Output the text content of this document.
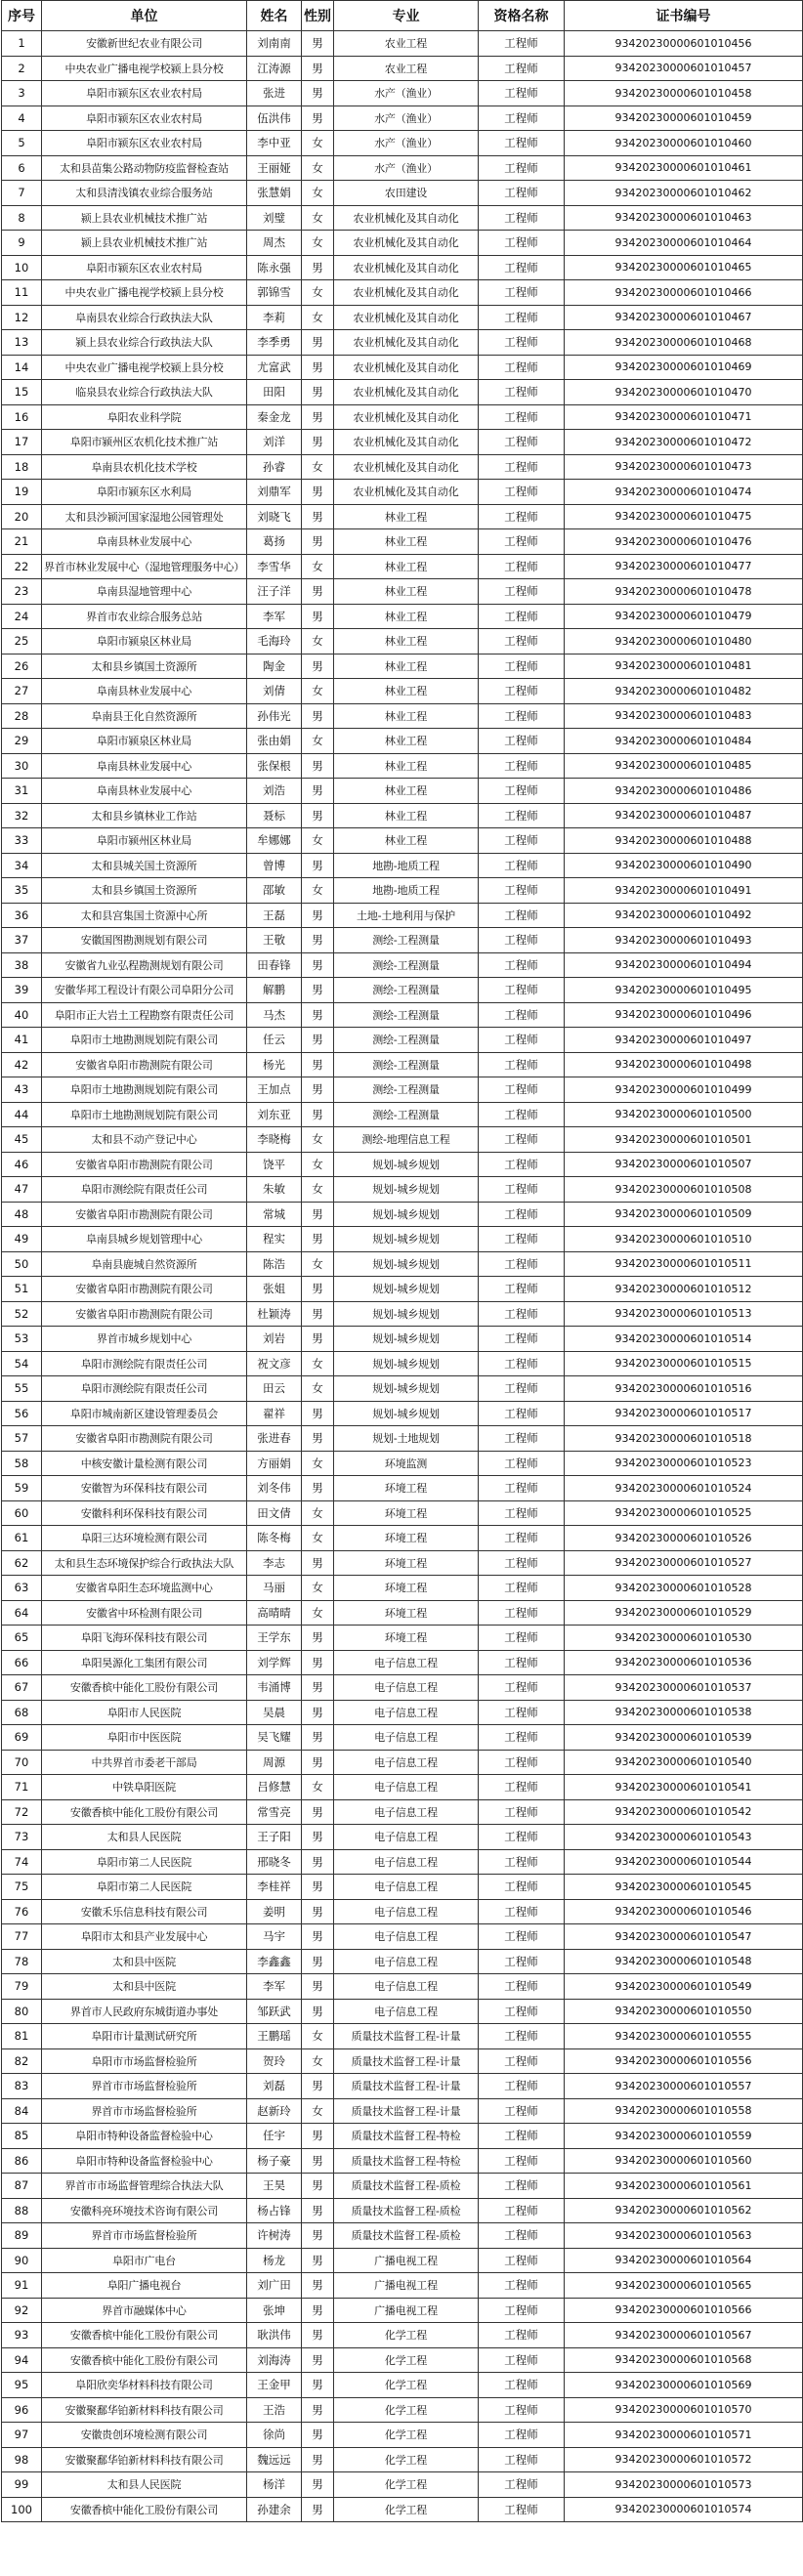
序号	单位	姓名	性别	专业	资格名称	证书编号
1	安徽新世纪农业有限公司	刘南南	男	农业工程	工程师	93420230000601010456
2	中央农业广播电视学校颍上县分校	江涛源	男	农业工程	工程师	93420230000601010457
3	阜阳市颍东区农业农村局	张进	男	水产（渔业）	工程师	93420230000601010458
4	阜阳市颍东区农业农村局	伍洪伟	男	水产（渔业）	工程师	93420230000601010459
5	阜阳市颍东区农业农村局	李中亚	女	水产（渔业）	工程师	93420230000601010460
6	太和县苗集公路动物防疫监督检查站	王丽娅	女	水产（渔业）	工程师	93420230000601010461
7	太和县清浅镇农业综合服务站	张慧娟	女	农田建设	工程师	93420230000601010462
8	颍上县农业机械技术推广站	刘璧	女	农业机械化及其自动化	工程师	93420230000601010463
9	颍上县农业机械技术推广站	周杰	女	农业机械化及其自动化	工程师	93420230000601010464
10	阜阳市颍东区农业农村局	陈永强	男	农业机械化及其自动化	工程师	93420230000601010465
11	中央农业广播电视学校颍上县分校	郭锦雪	女	农业机械化及其自动化	工程师	93420230000601010466
12	阜南县农业综合行政执法大队	李莉	女	农业机械化及其自动化	工程师	93420230000601010467
13	颍上县农业综合行政执法大队	李季勇	男	农业机械化及其自动化	工程师	93420230000601010468
14	中央农业广播电视学校颍上县分校	尤富武	男	农业机械化及其自动化	工程师	93420230000601010469
15	临泉县农业综合行政执法大队	田阳	男	农业机械化及其自动化	工程师	93420230000601010470
16	阜阳农业科学院	秦金龙	男	农业机械化及其自动化	工程师	93420230000601010471
17	阜阳市颍州区农机化技术推广站	刘洋	男	农业机械化及其自动化	工程师	93420230000601010472
18	阜南县农机化技术学校	孙睿	女	农业机械化及其自动化	工程师	93420230000601010473
19	阜阳市颍东区水利局	刘鼎军	男	农业机械化及其自动化	工程师	93420230000601010474
20	太和县沙颍河国家湿地公园管理处	刘晓飞	男	林业工程	工程师	93420230000601010475
21	阜南县林业发展中心	葛扬	男	林业工程	工程师	93420230000601010476
22	界首市林业发展中心（湿地管理服务中心）	李雪华	女	林业工程	工程师	93420230000601010477
23	阜南县湿地管理中心	汪子洋	男	林业工程	工程师	93420230000601010478
24	界首市农业综合服务总站	李军	男	林业工程	工程师	93420230000601010479
25	阜阳市颍泉区林业局	毛海玲	女	林业工程	工程师	93420230000601010480
26	太和县乡镇国土资源所	陶金	男	林业工程	工程师	93420230000601010481
27	阜南县林业发展中心	刘倩	女	林业工程	工程师	93420230000601010482
28	阜南县王化自然资源所	孙伟光	男	林业工程	工程师	93420230000601010483
29	阜阳市颍泉区林业局	张由娟	女	林业工程	工程师	93420230000601010484
30	阜南县林业发展中心	张保根	男	林业工程	工程师	93420230000601010485
31	阜南县林业发展中心	刘浩	男	林业工程	工程师	93420230000601010486
32	太和县乡镇林业工作站	聂标	男	林业工程	工程师	93420230000601010487
33	阜阳市颍州区林业局	牟娜娜	女	林业工程	工程师	93420230000601010488
34	太和县城关国土资源所	曾博	男	地勘-地质工程	工程师	93420230000601010490
35	太和县乡镇国土资源所	邵敏	女	地勘-地质工程	工程师	93420230000601010491
36	太和县宫集国土资源中心所	王磊	男	土地-土地利用与保护	工程师	93420230000601010492
37	安徽国图勘测规划有限公司	王敬	男	测绘-工程测量	工程师	93420230000601010493
38	安徽省九业弘程勘测规划有限公司	田春锋	男	测绘-工程测量	工程师	93420230000601010494
39	安徽华邦工程设计有限公司阜阳分公司	解鹏	男	测绘-工程测量	工程师	93420230000601010495
40	阜阳市正大岩土工程勘察有限责任公司	马杰	男	测绘-工程测量	工程师	93420230000601010496
41	阜阳市土地勘测规划院有限公司	任云	男	测绘-工程测量	工程师	93420230000601010497
42	安徽省阜阳市勘测院有限公司	杨光	男	测绘-工程测量	工程师	93420230000601010498
43	阜阳市土地勘测规划院有限公司	王加点	男	测绘-工程测量	工程师	93420230000601010499
44	阜阳市土地勘测规划院有限公司	刘东亚	男	测绘-工程测量	工程师	93420230000601010500
45	太和县不动产登记中心	李晓梅	女	测绘-地理信息工程	工程师	93420230000601010501
46	安徽省阜阳市勘测院有限公司	饶平	女	规划-城乡规划	工程师	93420230000601010507
47	阜阳市测绘院有限责任公司	朱敏	女	规划-城乡规划	工程师	93420230000601010508
48	安徽省阜阳市勘测院有限公司	常城	男	规划-城乡规划	工程师	93420230000601010509
49	阜南县城乡规划管理中心	程实	男	规划-城乡规划	工程师	93420230000601010510
50	阜南县鹿城自然资源所	陈浩	女	规划-城乡规划	工程师	93420230000601010511
51	安徽省阜阳市勘测院有限公司	张姐	男	规划-城乡规划	工程师	93420230000601010512
52	安徽省阜阳市勘测院有限公司	杜颖涛	男	规划-城乡规划	工程师	93420230000601010513
53	界首市城乡规划中心	刘岩	男	规划-城乡规划	工程师	93420230000601010514
54	阜阳市测绘院有限责任公司	祝文彦	女	规划-城乡规划	工程师	93420230000601010515
55	阜阳市测绘院有限责任公司	田云	女	规划-城乡规划	工程师	93420230000601010516
56	阜阳市城南新区建设管理委员会	翟祥	男	规划-城乡规划	工程师	93420230000601010517
57	安徽省阜阳市勘测院有限公司	张进春	男	规划-土地规划	工程师	93420230000601010518
58	中核安徽计量检测有限公司	方丽娟	女	环境监测	工程师	93420230000601010523
59	安徽智为环保科技有限公司	刘冬伟	男	环境工程	工程师	93420230000601010524
60	安徽科利环保科技有限公司	田文倩	女	环境工程	工程师	93420230000601010525
61	阜阳三达环境检测有限公司	陈冬梅	女	环境工程	工程师	93420230000601010526
62	太和县生态环境保护综合行政执法大队	李志	男	环境工程	工程师	93420230000601010527
63	安徽省阜阳生态环境监测中心	马丽	女	环境工程	工程师	93420230000601010528
64	安徽省中环检测有限公司	高晴晴	女	环境工程	工程师	93420230000601010529
65	阜阳飞海环保科技有限公司	王学东	男	环境工程	工程师	93420230000601010530
66	阜阳昊源化工集团有限公司	刘学辉	男	电子信息工程	工程师	93420230000601010536
67	安徽香槟中能化工股份有限公司	韦涌博	男	电子信息工程	工程师	93420230000601010537
68	阜阳市人民医院	吴晨	男	电子信息工程	工程师	93420230000601010538
69	阜阳市中医医院	吴飞耀	男	电子信息工程	工程师	93420230000601010539
70	中共界首市委老干部局	周源	男	电子信息工程	工程师	93420230000601010540
71	中铁阜阳医院	吕修慧	女	电子信息工程	工程师	93420230000601010541
72	安徽香槟中能化工股份有限公司	常雪亮	男	电子信息工程	工程师	93420230000601010542
73	太和县人民医院	王子阳	男	电子信息工程	工程师	93420230000601010543
74	阜阳市第二人民医院	邢晓冬	男	电子信息工程	工程师	93420230000601010544
75	阜阳市第二人民医院	李桂祥	男	电子信息工程	工程师	93420230000601010545
76	安徽禾乐信息科技有限公司	姜明	男	电子信息工程	工程师	93420230000601010546
77	阜阳市太和县产业发展中心	马宇	男	电子信息工程	工程师	93420230000601010547
78	太和县中医院	李鑫鑫	男	电子信息工程	工程师	93420230000601010548
79	太和县中医院	李军	男	电子信息工程	工程师	93420230000601010549
80	界首市人民政府东城街道办事处	邹跃武	男	电子信息工程	工程师	93420230000601010550
81	阜阳市计量测试研究所	王鹏瑶	女	质量技术监督工程-计量	工程师	93420230000601010555
82	阜阳市市场监督检验所	贺玲	女	质量技术监督工程-计量	工程师	93420230000601010556
83	界首市市场监督检验所	刘磊	男	质量技术监督工程-计量	工程师	93420230000601010557
84	界首市市场监督检验所	赵新玲	女	质量技术监督工程-计量	工程师	93420230000601010558
85	阜阳市特种设备监督检验中心	任宇	男	质量技术监督工程-特检	工程师	93420230000601010559
86	阜阳市特种设备监督检验中心	杨子豪	男	质量技术监督工程-特检	工程师	93420230000601010560
87	界首市市场监督管理综合执法大队	王昊	男	质量技术监督工程-质检	工程师	93420230000601010561
88	安徽科亮环境技术咨询有限公司	杨占锋	男	质量技术监督工程-质检	工程师	93420230000601010562
89	界首市市场监督检验所	许树涛	男	质量技术监督工程-质检	工程师	93420230000601010563
90	阜阳市广电台	杨龙	男	广播电视工程	工程师	93420230000601010564
91	阜阳广播电视台	刘广田	男	广播电视工程	工程师	93420230000601010565
92	界首市融媒体中心	张坤	男	广播电视工程	工程师	93420230000601010566
93	安徽香槟中能化工股份有限公司	耿洪伟	男	化学工程	工程师	93420230000601010567
94	安徽香槟中能化工股份有限公司	刘海涛	男	化学工程	工程师	93420230000601010568
95	阜阳欣奕华材料科技有限公司	王金甲	男	化学工程	工程师	93420230000601010569
96	安徽聚鄱华铂新材料科技有限公司	王浩	男	化学工程	工程师	93420230000601010570
97	安徽贵创环境检测有限公司	徐尚	男	化学工程	工程师	93420230000601010571
98	安徽聚鄱华铂新材料科技有限公司	魏远远	男	化学工程	工程师	93420230000601010572
99	太和县人民医院	杨洋	男	化学工程	工程师	93420230000601010573
100	安徽香槟中能化工股份有限公司	孙建余	男	化学工程	工程师	93420230000601010574
